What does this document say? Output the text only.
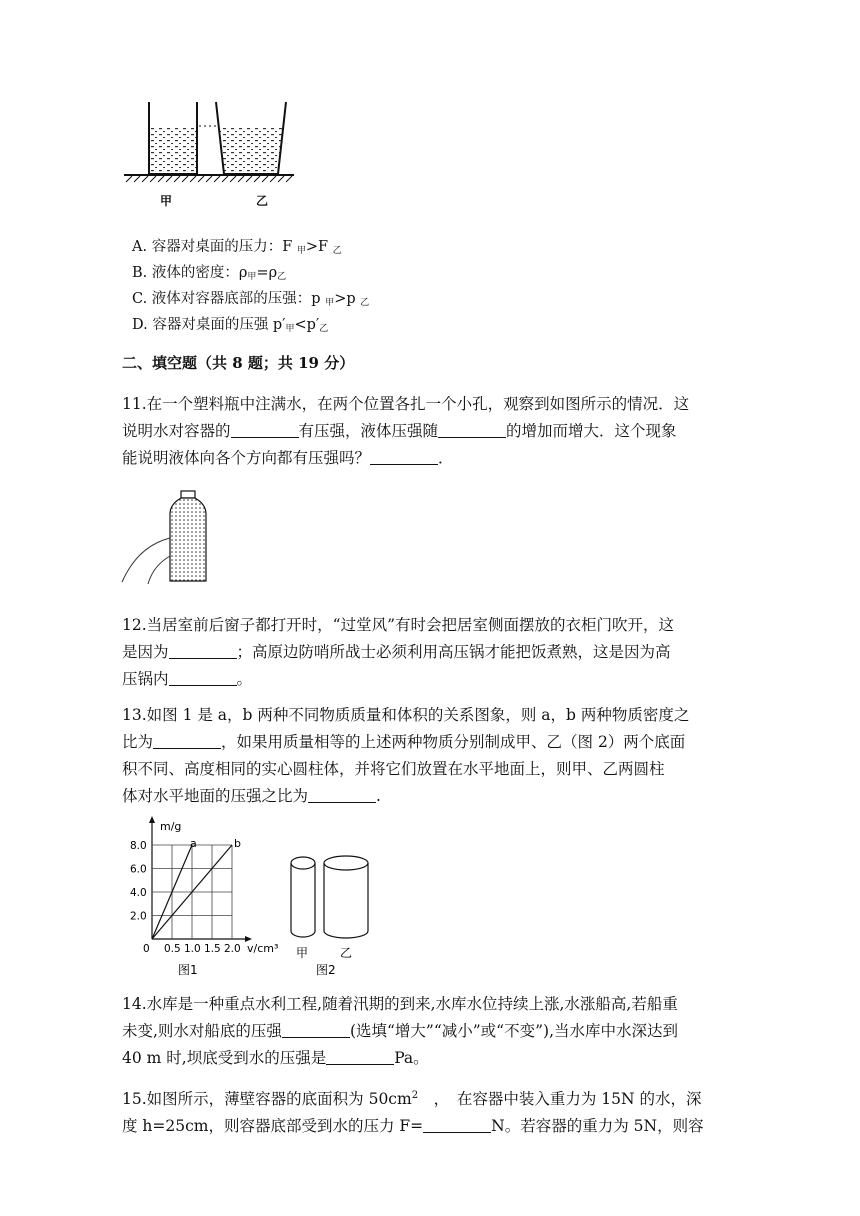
甲	乙
A. 容器对桌面的压力：F $_甲$>F $_乙$
B. 液体的密度：$\rho_甲=\rho_乙$
C. 液体对容器底部的压强：p $_甲$>p $_乙$
D. 容器对桌面的压强 $p'_甲<p'_乙$
二、填空题（共 8 题；共 19 分）
11.在一个塑料瓶中注满水，在两个位置各扎一个小孔，观察到如图所示的情况．这
说明水对容器的	有压强，液体压强随	的增加而增大．这个现象
能说明液体向各个方向都有压强吗？	．
12.当居室前后窗子都打开时，“过堂风”有时会把居室侧面摆放的衣柜门吹开，这
是因为	；高原边防哨所战士必须利用高压锅才能把饭煮熟，这是因为高
压锅内	。
13.如图 1 是 a，b 两种不同物质质量和体积的关系图象，则 a，b 两种物质密度之
比为	，如果用质量相等的上述两种物质分别制成甲、乙（图 2）两个底面
积不同、高度相同的实心圆柱体，并将它们放置在水平地面上，则甲、乙两圆柱
体对水平地面的压强之比为	.
0 0.5 1.0 1.5 2.0
8.0
6.0
4.0
2.0
m/g
v/cm³
a	b
图1
甲	乙
图2
14.水库是一种重点水利工程,随着汛期的到来,水库水位持续上涨,水涨船高,若船重
未变,则水对船底的压强	(选填“增大”“减小”或“不变”),当水库中水深达到
40 m 时,坝底受到水的压强是	Pa。
15.如图所示，薄壁容器的底面积为 $50cm^2$　，　在容器中装入重力为 15N 的水，深
度 h=25cm，则容器底部受到水的压力 F=	N。若容器的重力为 5N，则容
